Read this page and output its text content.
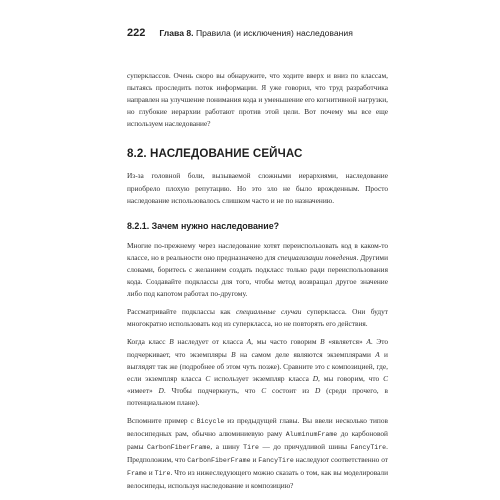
222 Глава 8. Правила (и исключения) наследования

суперклассов. Очень скоро вы обнаружите, что ходите вверх и вниз по классам, пытаясь проследить поток информации. Я уже говорил, что труд разработчика направлен на улучшение понимания кода и уменьшение его когнитивной нагрузки, но глубокие иерархии работают против этой цели. Вот почему мы все еще используем наследование?

8.2. НАСЛЕДОВАНИЕ СЕЙЧАС

Из-за головной боли, вызываемой сложными иерархиями, наследование приобрело плохую репутацию. Но это зло не было врожденным. Просто наследование использовалось слишком часто и не по назначению.

8.2.1. Зачем нужно наследование?

Многие по-прежнему через наследование хотят переиспользовать код в каком-то классе, но в реальности оно предназначено для специализации поведения. Другими словами, боритесь с желанием создать подкласс только ради переиспользования кода. Создавайте подклассы для того, чтобы метод возвращал другое значение либо под капотом работал по-другому.

Рассматривайте подклассы как специальные случаи суперкласса. Они будут многократно использовать код из суперкласса, но не повторять его действия.

Когда класс B наследует от класса A, мы часто говорим B «является» A. Это подчеркивает, что экземпляры B на самом деле являются экземплярами A и выглядят так же (подробнее об этом чуть позже). Сравните это с композицией, где, если экземпляр класса C использует экземпляр класса D, мы говорим, что C «имеет» D. Чтобы подчеркнуть, что C состоит из D (среди прочего, в потенциальном плане).

Вспомните пример с Bicycle из предыдущей главы. Вы ввели несколько типов велосипедных рам, обычно алюминиевую раму AluminumFrame до карбоновой рамы CarbonFiberFrame, а шину Tire — до причудливой шины FancyTire. Предположим, что CarbonFiberFrame и FancyTire наследуют соответственно от Frame и Tire. Что из нижеследующего можно сказать о том, как вы моделировали велосипеды, используя наследование и композицию?
